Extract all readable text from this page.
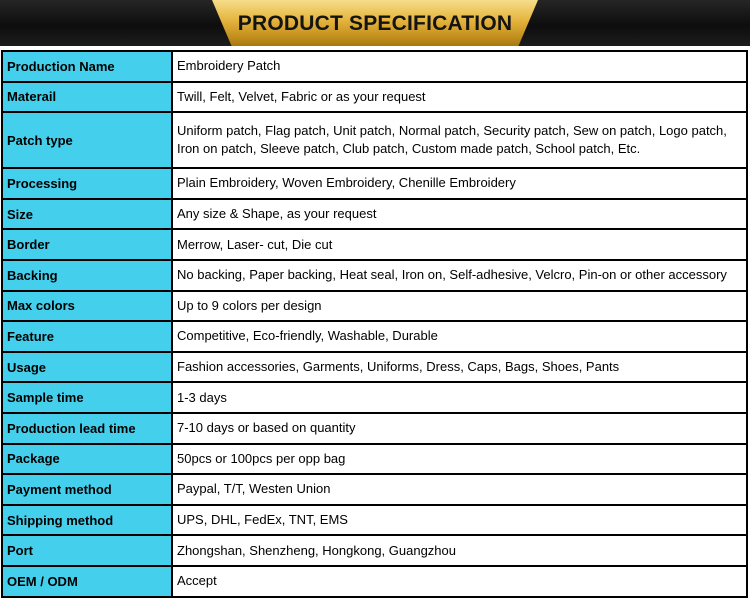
PRODUCT SPECIFICATION
Production Name	Embroidery Patch
Materail	Twill, Felt, Velvet, Fabric or as your request
Patch type	Uniform patch, Flag patch, Unit patch, Normal patch, Security patch, Sew on patch, Logo patch, Iron on patch, Sleeve patch, Club patch, Custom made patch, School patch, Etc.
Processing	Plain Embroidery, Woven Embroidery, Chenille Embroidery
Size	Any size & Shape, as your request
Border	Merrow, Laser- cut, Die cut
Backing	No backing, Paper backing, Heat seal, Iron on, Self-adhesive, Velcro, Pin-on or other accessory
Max colors	Up to 9 colors per design
Feature	Competitive, Eco-friendly, Washable, Durable
Usage	Fashion accessories, Garments, Uniforms, Dress, Caps, Bags, Shoes, Pants
Sample time	1-3 days
Production lead time	7-10 days or based on quantity
Package	50pcs or 100pcs per opp bag
Payment method	Paypal, T/T, Westen Union
Shipping method	UPS, DHL, FedEx, TNT, EMS
Port	Zhongshan, Shenzheng, Hongkong, Guangzhou
OEM / ODM	Accept
